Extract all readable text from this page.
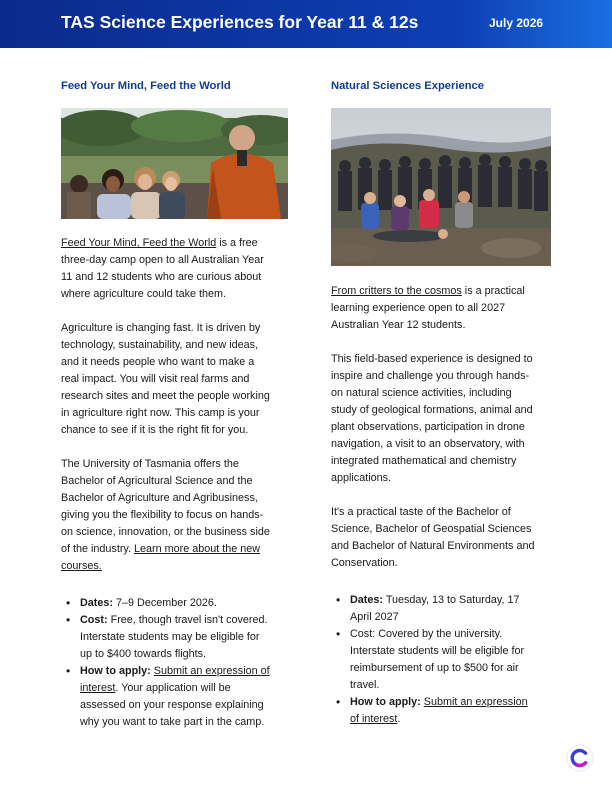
TAS Science Experiences for Year 11 & 12s	July 2026
Feed Your Mind, Feed the World

Feed Your Mind, Feed the World is a free

three-day camp open to all Australian Year

11 and 12 students who are curious about

where agriculture could take them.

Agriculture is changing fast. It is driven by

technology, sustainability, and new ideas,

and it needs people who want to make a

real impact. You will visit real farms and

research sites and meet the people working

in agriculture right now. This camp is your

chance to see if it is the right fit for you.

The University of Tasmania offers the

Bachelor of Agricultural Science and the

Bachelor of Agriculture and Agribusiness,

giving you the flexibility to focus on hands-

on science, innovation, or the business side

of the industry. Learn more about the new

courses.

• Dates: 7–9 December 2026.
• Cost: Free, though travel isn't covered.
Interstate students may be eligible for
up to $400 towards flights.
• How to apply: Submit an expression of
interest. Your application will be
assessed on your response explaining
why you want to take part in the camp.
Natural Sciences Experience

From critters to the cosmos is a practical

learning experience open to all 2027

Australian Year 12 students.

This field-based experience is designed to

inspire and challenge you through hands-

on natural science activities, including

study of geological formations, animal and

plant observations, participation in drone

navigation, a visit to an observatory, with

integrated mathematical and chemistry

applications.

It's a practical taste of the Bachelor of

Science, Bachelor of Geospatial Sciences

and Bachelor of Natural Environments and

Conservation.

• Dates: Tuesday, 13 to Saturday, 17
April 2027
• Cost: Covered by the university.
Interstate students will be eligible for
reimbursement of up to $500 for air
travel.
• How to apply: Submit an expression
of interest.
